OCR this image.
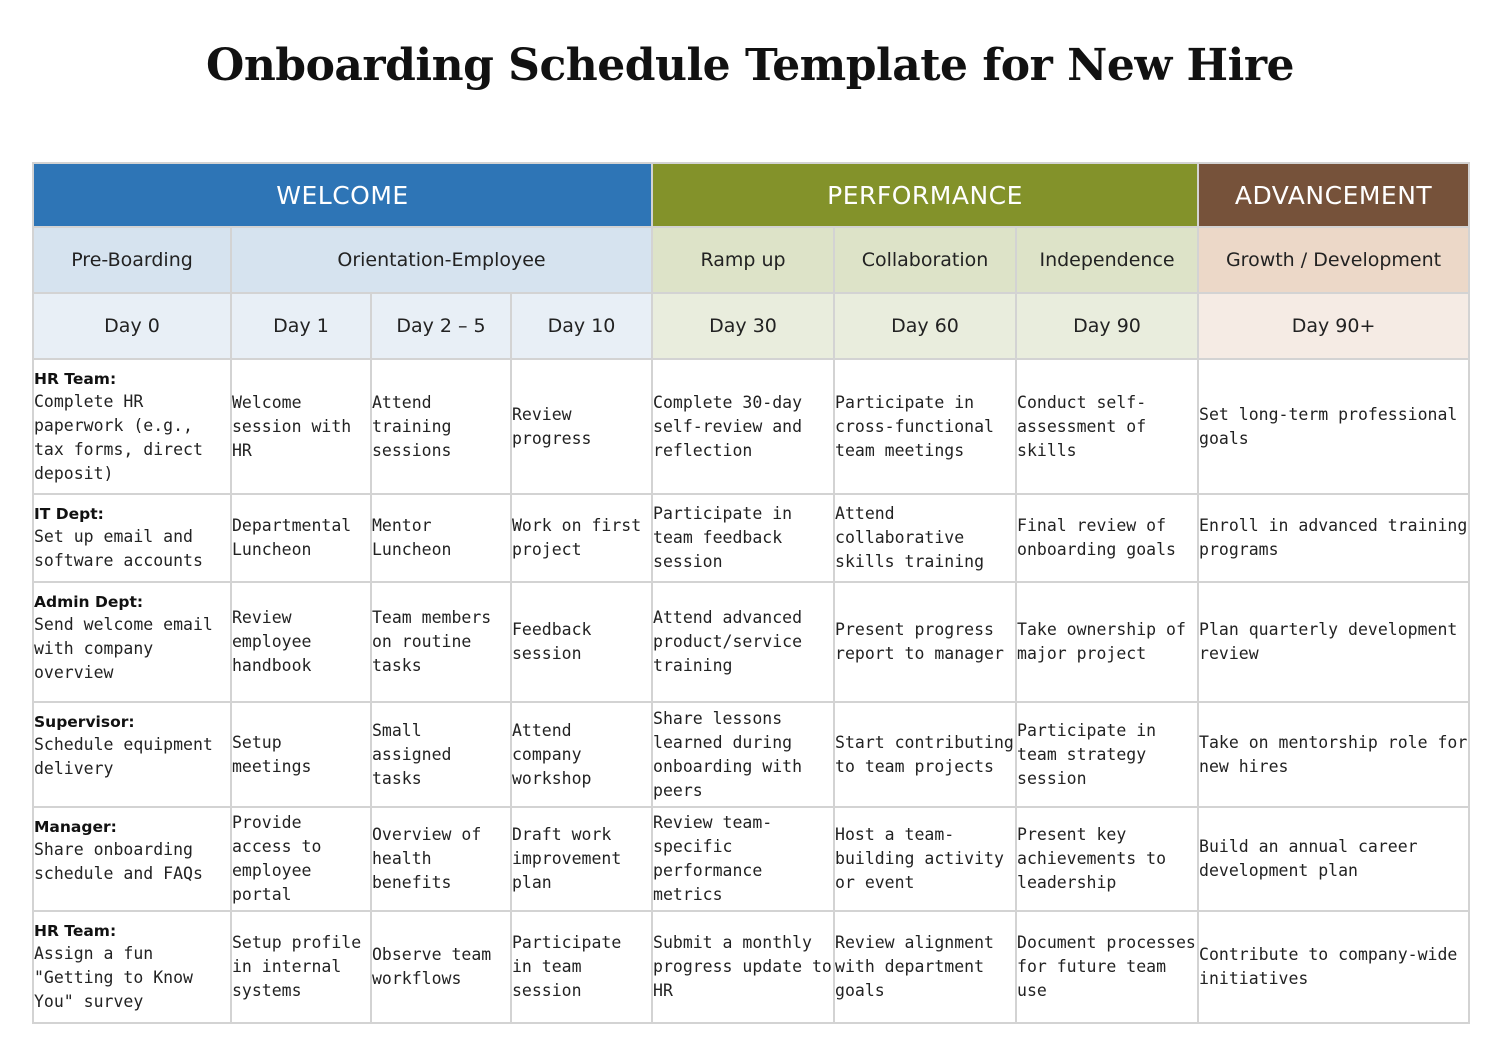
Onboarding Schedule Template for New Hire
WELCOME				PERFORMANCE			ADVANCEMENT
Pre-Boarding	Orientation-Employee			Ramp up	Collaboration	Independence	Growth / Development
Day 0	Day 1	Day 2 – 5	Day 10	Day 30	Day 60	Day 90	Day 90+

HR Team:
Complete HR paperwork (e.g., tax forms, direct deposit)	Welcome session with HR	Attend training sessions	Review progress	Complete 30-day self-review and reflection	Participate in cross-functional team meetings	Conduct self-assessment of skills	Set long-term professional goals

IT Dept:
Set up email and software accounts	Departmental Luncheon	Mentor Luncheon	Work on first project	Participate in team feedback session	Attend collaborative skills training	Final review of onboarding goals	Enroll in advanced training programs

Admin Dept:
Send welcome email with company overview	Review employee handbook	Team members on routine tasks	Feedback session	Attend advanced product/service training	Present progress report to manager	Take ownership of major project	Plan quarterly development review

Supervisor:
Schedule equipment delivery	Setup meetings	Small assigned tasks	Attend company workshop	Share lessons learned during onboarding with peers	Start contributing to team projects	Participate in team strategy session	Take on mentorship role for new hires

Manager:
Share onboarding schedule and FAQs	Provide access to employee portal	Overview of health benefits	Draft work improvement plan	Review team-specific performance metrics	Host a team-building activity or event	Present key achievements to leadership	Build an annual career development plan

HR Team:
Assign a fun "Getting to Know You" survey	Setup profile in internal systems	Observe team workflows	Participate in team session	Submit a monthly progress update to HR	Review alignment with department goals	Document processes for future team use	Contribute to company-wide initiatives
